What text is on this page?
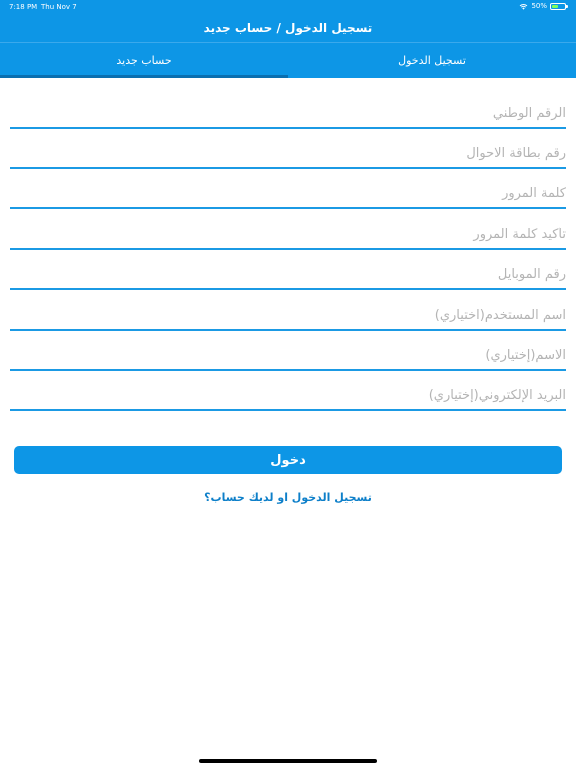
7:18 PM Thu Nov 7	50%
تسجيل الدخول / حساب جديد
حساب جديد	تسجيل الدخول
الرقم الوطني
رقم بطاقة الاحوال
رقم الموبايل
اسم المستخدم(اختياري)
الاسم(إختياري)
البريد الإلكتروني(إختياري)
دخول
تسجيل الدخول او لديك حساب؟
